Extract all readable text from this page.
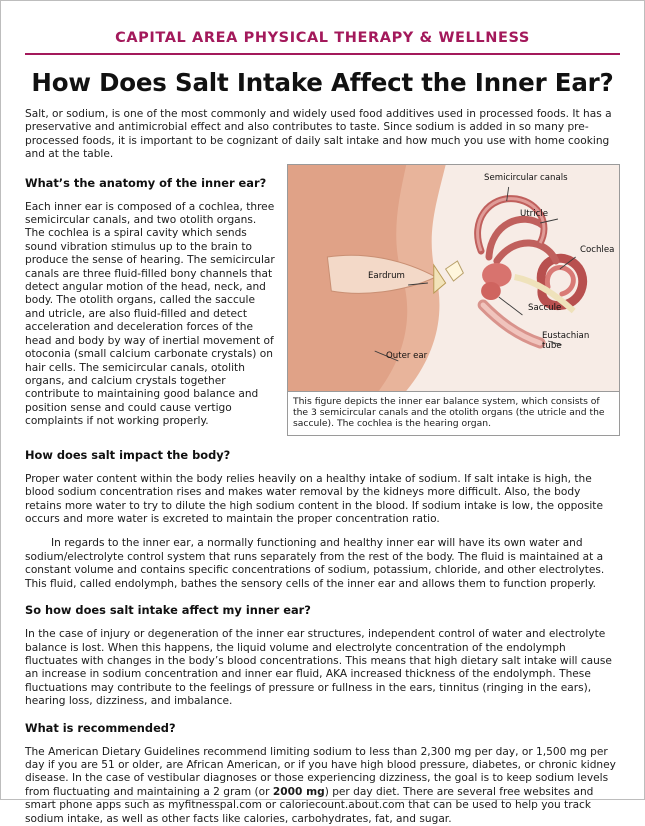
CAPITAL AREA PHYSICAL THERAPY & WELLNESS
How Does Salt Intake Affect the Inner Ear?

Salt, or sodium, is one of the most commonly and widely used food additives used in processed foods. It has a preservative and antimicrobial effect and also contributes to taste. Since sodium is added in so many pre-processed foods, it is important to be cognizant of daily salt intake and how much you use with home cooking and at the table.

What’s the anatomy of the inner ear?

Each inner ear is composed of a cochlea, three semicircular canals, and two otolith organs. The cochlea is a spiral cavity which sends sound vibration stimulus up to the brain to produce the sense of hearing. The semicircular canals are three fluid-filled bony channels that detect angular motion of the head, neck, and body. The otolith organs, called the saccule and utricle, are also fluid-filled and detect acceleration and deceleration forces of the head and body by way of inertial movement of otoconia (small calcium carbonate crystals) on hair cells. The semicircular canals, otolith organs, and calcium crystals together contribute to maintaining good balance and position sense and could cause vertigo complaints if not working properly.

Semicircular canals
Utricle
Cochlea
Eardrum
Saccule
Eustachian tube
Outer ear
This figure depicts the inner ear balance system, which consists of the 3 semicircular canals and the otolith organs (the utricle and the saccule). The cochlea is the hearing organ.
How does salt impact the body?

Proper water content within the body relies heavily on a healthy intake of sodium. If salt intake is high, the blood sodium concentration rises and makes water removal by the kidneys more difficult. Also, the body retains more water to try to dilute the high sodium content in the blood. If sodium intake is low, the opposite occurs and more water is excreted to maintain the proper concentration ratio.

In regards to the inner ear, a normally functioning and healthy inner ear will have its own water and sodium/electrolyte control system that runs separately from the rest of the body. The fluid is maintained at a constant volume and contains specific concentrations of sodium, potassium, chloride, and other electrolytes. This fluid, called endolymph, bathes the sensory cells of the inner ear and allows them to function properly.

So how does salt intake affect my inner ear?

In the case of injury or degeneration of the inner ear structures, independent control of water and electrolyte balance is lost. When this happens, the liquid volume and electrolyte concentration of the endolymph fluctuates with changes in the body’s blood concentrations. This means that high dietary salt intake will cause an increase in sodium concentration and inner ear fluid, AKA increased thickness of the endolymph. These fluctuations may contribute to the feelings of pressure or fullness in the ears, tinnitus (ringing in the ears), hearing loss, dizziness, and imbalance.

What is recommended?

The American Dietary Guidelines recommend limiting sodium to less than 2,300 mg per day, or 1,500 mg per day if you are 51 or older, are African American, or if you have high blood pressure, diabetes, or chronic kidney disease. In the case of vestibular diagnoses or those experiencing dizziness, the goal is to keep sodium levels from fluctuating and maintaining a 2 gram (or 2000 mg) per day diet. There are several free websites and smart phone apps such as myfitnesspal.com or caloriecount.about.com that can be used to help you track sodium intake, as well as other facts like calories, carbohydrates, fat, and sugar.
